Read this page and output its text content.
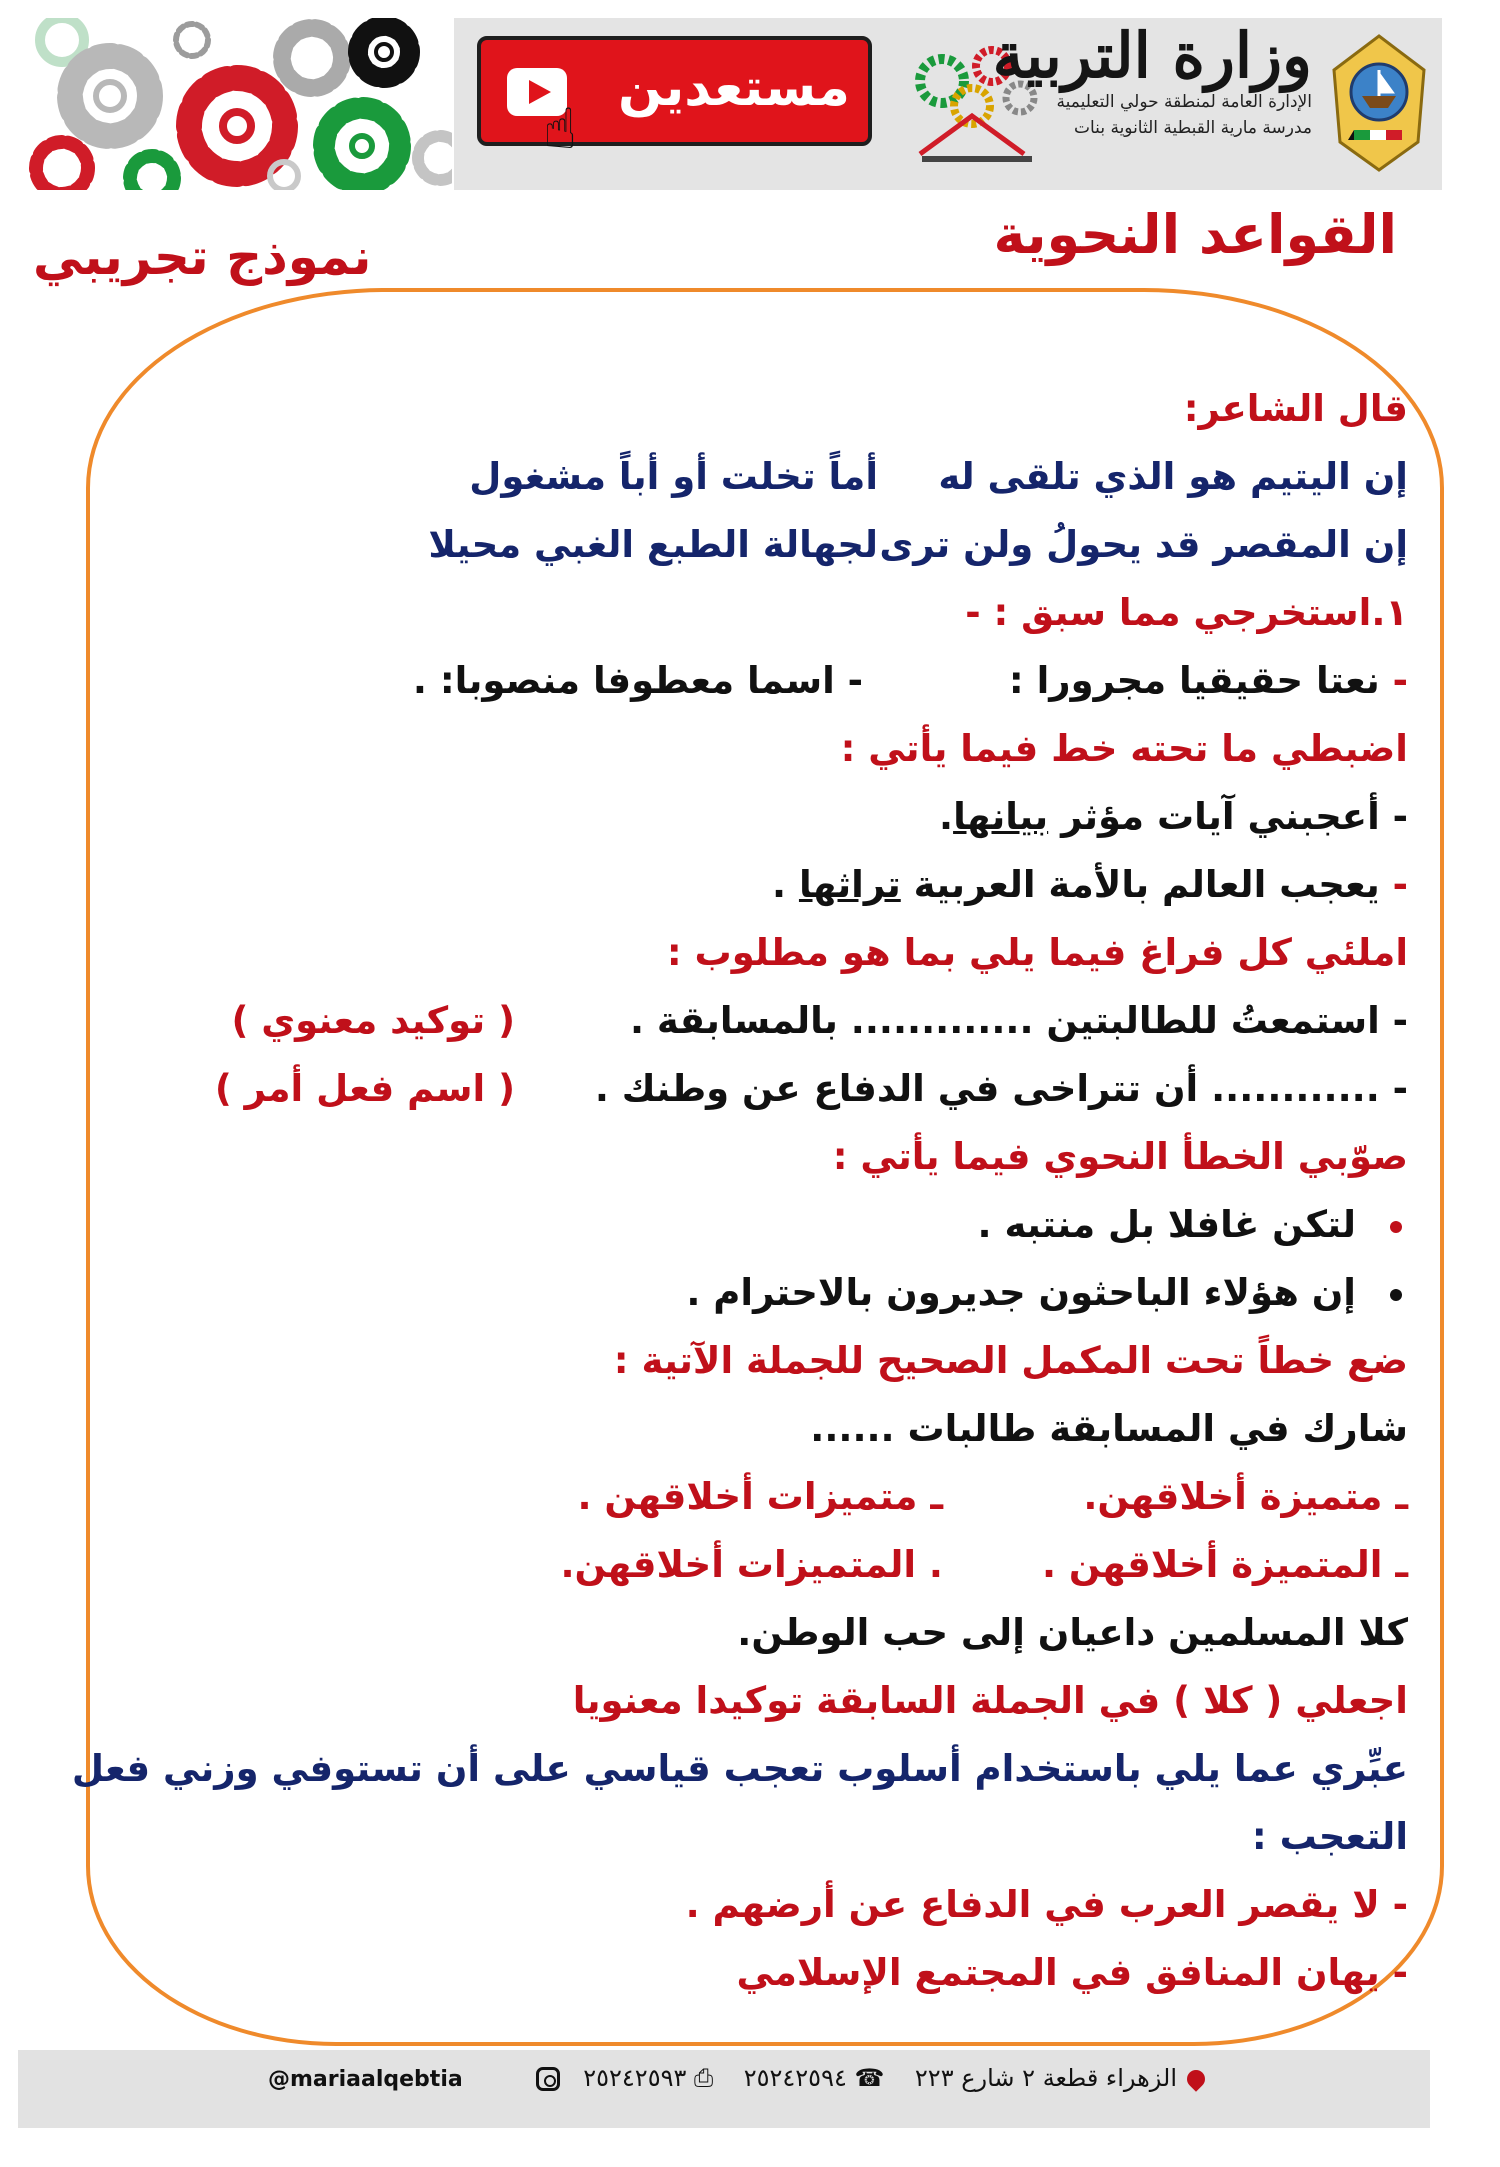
مستعدين
☝
وزارة التربية
الإدارة العامة لمنطقة حولي التعليمية
مدرسة مارية القبطية الثانوية بنات
القواعد النحوية
نموذج تجريبي
قال الشاعر:
إن اليتيم هو الذي تلقى له
أماً تخلت أو أباً مشغول
إن المقصر قد يحولُ ولن ترى
لجهالة الطبع الغبي محيلا
١.استخرجي مما سبق : -
- نعتا حقيقيا مجرورا :
- اسما معطوفا منصوبا: .
اضبطي ما تحته خط فيما يأتي :
- أعجبني آيات مؤثر بيانها.
- يعجب العالم بالأمة العربية تراثها .
املئي كل فراغ فيما يلي بما هو مطلوب :
- استمعتُ للطالبتين ............. بالمسابقة .
( توكيد معنوي )
- ............ أن تتراخى في الدفاع عن وطنك .
( اسم فعل أمر )
صوّبي الخطأ النحوي فيما يأتي :
لتكن غافلا بل منتبه .
إن هؤلاء الباحثون جديرون بالاحترام .
ضع خطاً تحت المكمل الصحيح للجملة الآتية :
شارك في المسابقة طالبات ......
ـ متميزة أخلاقهن.
ـ متميزات أخلاقهن .
ـ المتميزة أخلاقهن .
. المتميزات أخلاقهن.
كلا المسلمين داعيان إلى حب الوطن.
اجعلي ( كلا ) في الجملة السابقة توكيدا معنويا
عبِّري عما يلي باستخدام أسلوب تعجب قياسي على أن تستوفي وزني فعل
التعجب :
- لا يقصر العرب في الدفاع عن أرضهم .
- يهان المنافق في المجتمع الإسلامي
الزهراء قطعة ٢ شارع ٢٢٣    ☎ ٢٥٢٤٢٥٩٤    ⎙ ٢٥٢٤٢٥٩٣
@mariaalqebtia
